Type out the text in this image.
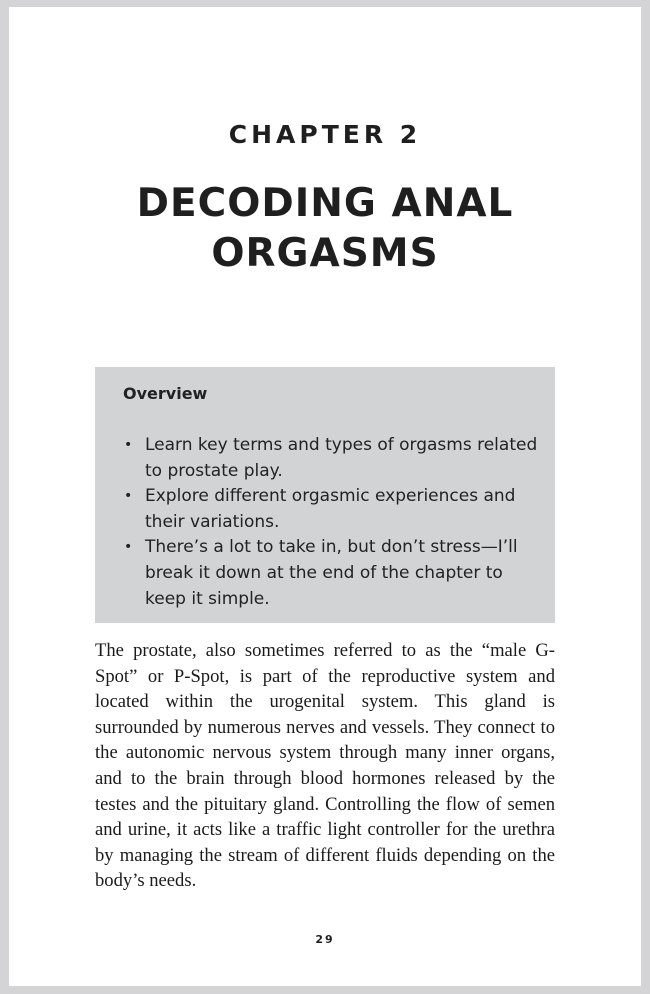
CHAPTER 2
DECODING ANAL
ORGASMS
Overview
• Learn key terms and types of orgasms related to prostate play.
• Explore different orgasmic experiences and their variations.
• There’s a lot to take in, but don’t stress—I’ll break it down at the end of the chapter to keep it simple.

The prostate, also sometimes referred to as the “male G-Spot” or P-Spot, is part of the reproductive system and located within the urogenital system. This gland is surrounded by numerous nerves and vessels. They connect to the autonomic nervous system through many inner organs, and to the brain through blood hormones released by the testes and the pituitary gland. Controlling the flow of semen and urine, it acts like a traffic light controller for the urethra by managing the stream of different fluids depending on the body’s needs.

29
